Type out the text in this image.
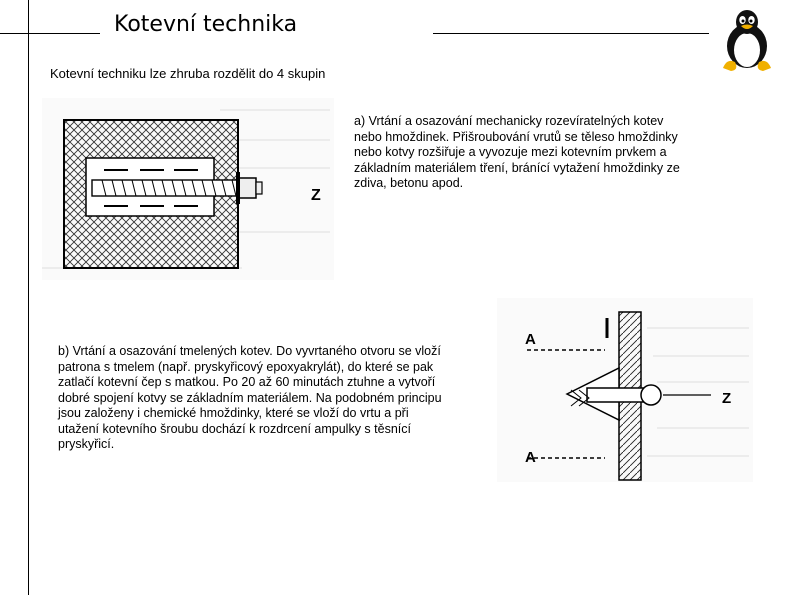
Kotevní technika
Kotevní techniku lze zhruba rozdělit do 4 skupin
Z
a) Vrtání a osazování mechanicky rozevíratelných kotev nebo hmoždinek. Přišroubování vrutů se těleso hmoždinky nebo kotvy rozšiřuje a vyvozuje mezi kotevním prvkem a základním materiálem tření, bránící vytažení hmoždinky ze zdiva, betonu apod.
b) Vrtání a osazování tmelených kotev. Do vyvrtaného otvoru se vloží patrona s tmelem (např. pryskyřicový epoxyakrylát), do které se pak zatlačí kotevní čep s matkou. Po 20 až 60 minutách ztuhne a vytvoří dobré spojení kotvy se základním materiálem. Na podobném principu jsou založeny i chemické hmoždinky, které se vloží do vrtu a při utažení kotevního šroubu dochází k rozdrcení ampulky s těsnící pryskyřicí.
A
Z
A
